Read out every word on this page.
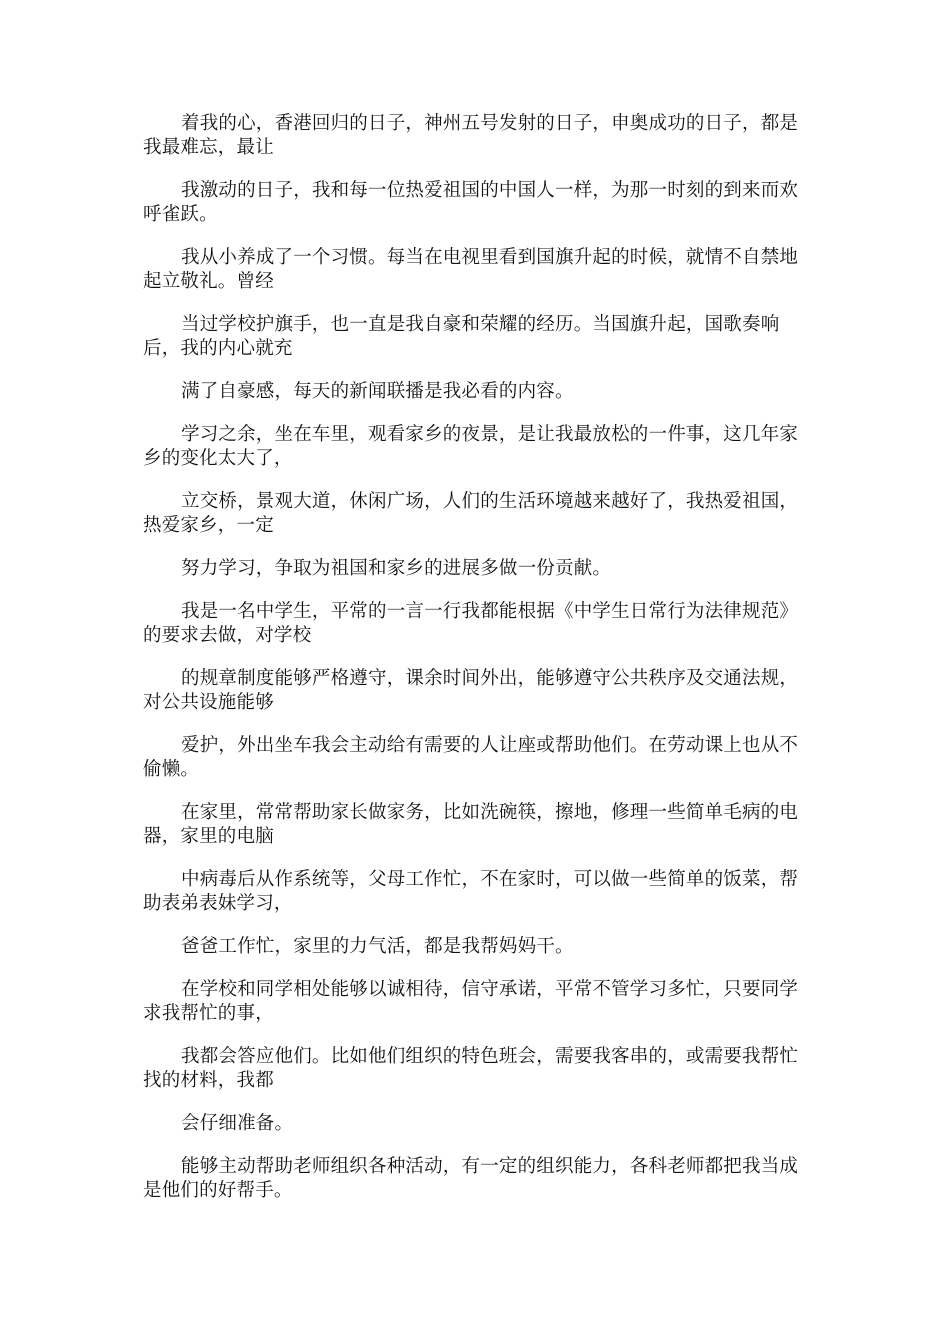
着我的心，香港回归的日子，神州五号发射的日子，申奥成功的日子，都是我最难忘，最让

我激动的日子，我和每一位热爱祖国的中国人一样，为那一时刻的到来而欢呼雀跃。

我从小养成了一个习惯。每当在电视里看到国旗升起的时候，就情不自禁地起立敬礼。曾经

当过学校护旗手，也一直是我自豪和荣耀的经历。当国旗升起，国歌奏响后，我的内心就充

满了自豪感，每天的新闻联播是我必看的内容。

学习之余，坐在车里，观看家乡的夜景，是让我最放松的一件事，这几年家乡的变化太大了，

立交桥，景观大道，休闲广场，人们的生活环境越来越好了，我热爱祖国，热爱家乡，一定

努力学习，争取为祖国和家乡的进展多做一份贡献。

我是一名中学生，平常的一言一行我都能根据《中学生日常行为法律规范》的要求去做，对学校

的规章制度能够严格遵守，课余时间外出，能够遵守公共秩序及交通法规，对公共设施能够

爱护，外出坐车我会主动给有需要的人让座或帮助他们。在劳动课上也从不偷懒。

在家里，常常帮助家长做家务，比如洗碗筷，擦地，修理一些简单毛病的电器，家里的电脑

中病毒后从作系统等，父母工作忙，不在家时，可以做一些简单的饭菜，帮助表弟表妹学习，

爸爸工作忙，家里的力气活，都是我帮妈妈干。

在学校和同学相处能够以诚相待，信守承诺，平常不管学习多忙，只要同学求我帮忙的事，

我都会答应他们。比如他们组织的特色班会，需要我客串的，或需要我帮忙找的材料，我都

会仔细准备。

能够主动帮助老师组织各种活动，有一定的组织能力，各科老师都把我当成是他们的好帮手。
